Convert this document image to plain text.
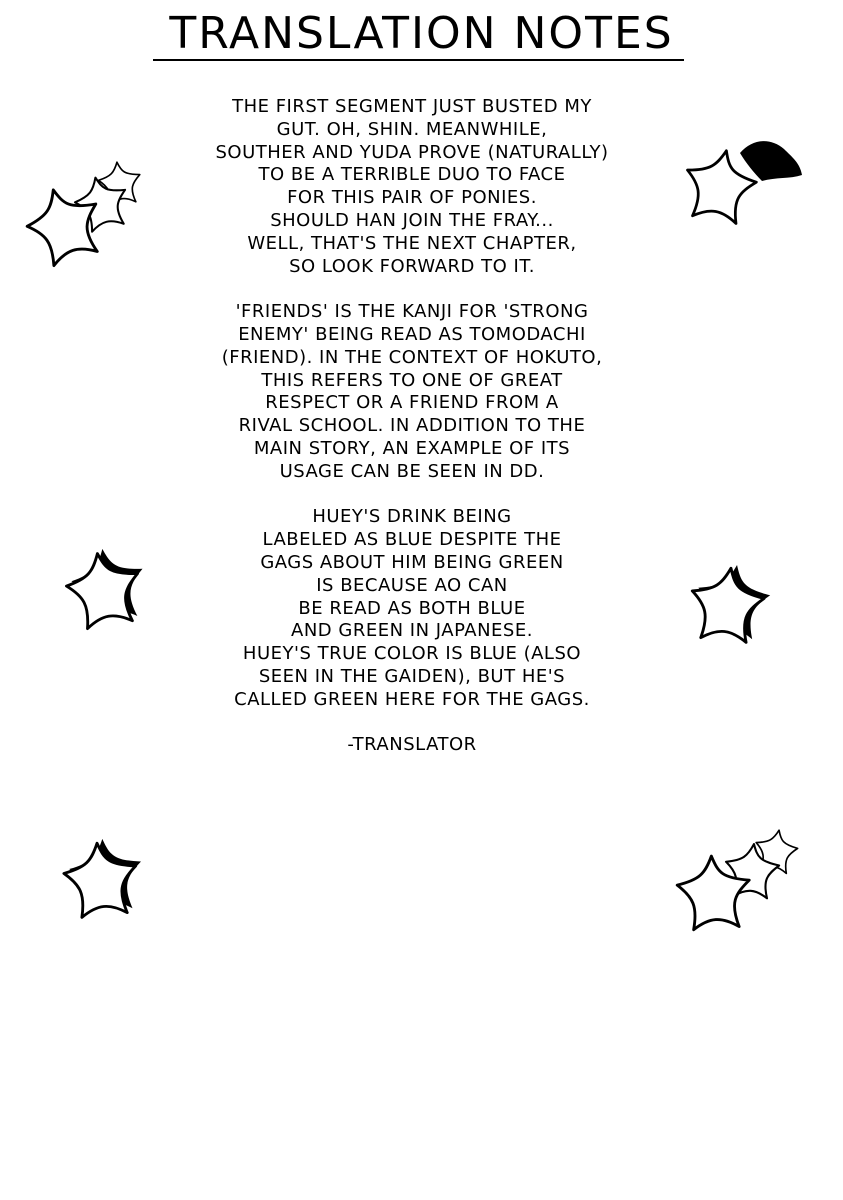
TRANSLATION NOTES

THE FIRST SEGMENT JUST BUSTED MY
GUT. OH, SHIN. MEANWHILE,
SOUTHER AND YUDA PROVE (NATURALLY)
TO BE A TERRIBLE DUO TO FACE
FOR THIS PAIR OF PONIES.
SHOULD HAN JOIN THE FRAY...
WELL, THAT'S THE NEXT CHAPTER,
SO LOOK FORWARD TO IT.

'FRIENDS' IS THE KANJI FOR 'STRONG
ENEMY' BEING READ AS TOMODACHI
(FRIEND). IN THE CONTEXT OF HOKUTO,
THIS REFERS TO ONE OF GREAT
RESPECT OR A FRIEND FROM A
RIVAL SCHOOL. IN ADDITION TO THE
MAIN STORY, AN EXAMPLE OF ITS
USAGE CAN BE SEEN IN DD.

HUEY'S DRINK BEING
LABELED AS BLUE DESPITE THE
GAGS ABOUT HIM BEING GREEN
IS BECAUSE AO CAN
BE READ AS BOTH BLUE
AND GREEN IN JAPANESE.
HUEY'S TRUE COLOR IS BLUE (ALSO
SEEN IN THE GAIDEN), BUT HE'S
CALLED GREEN HERE FOR THE GAGS.

-TRANSLATOR
